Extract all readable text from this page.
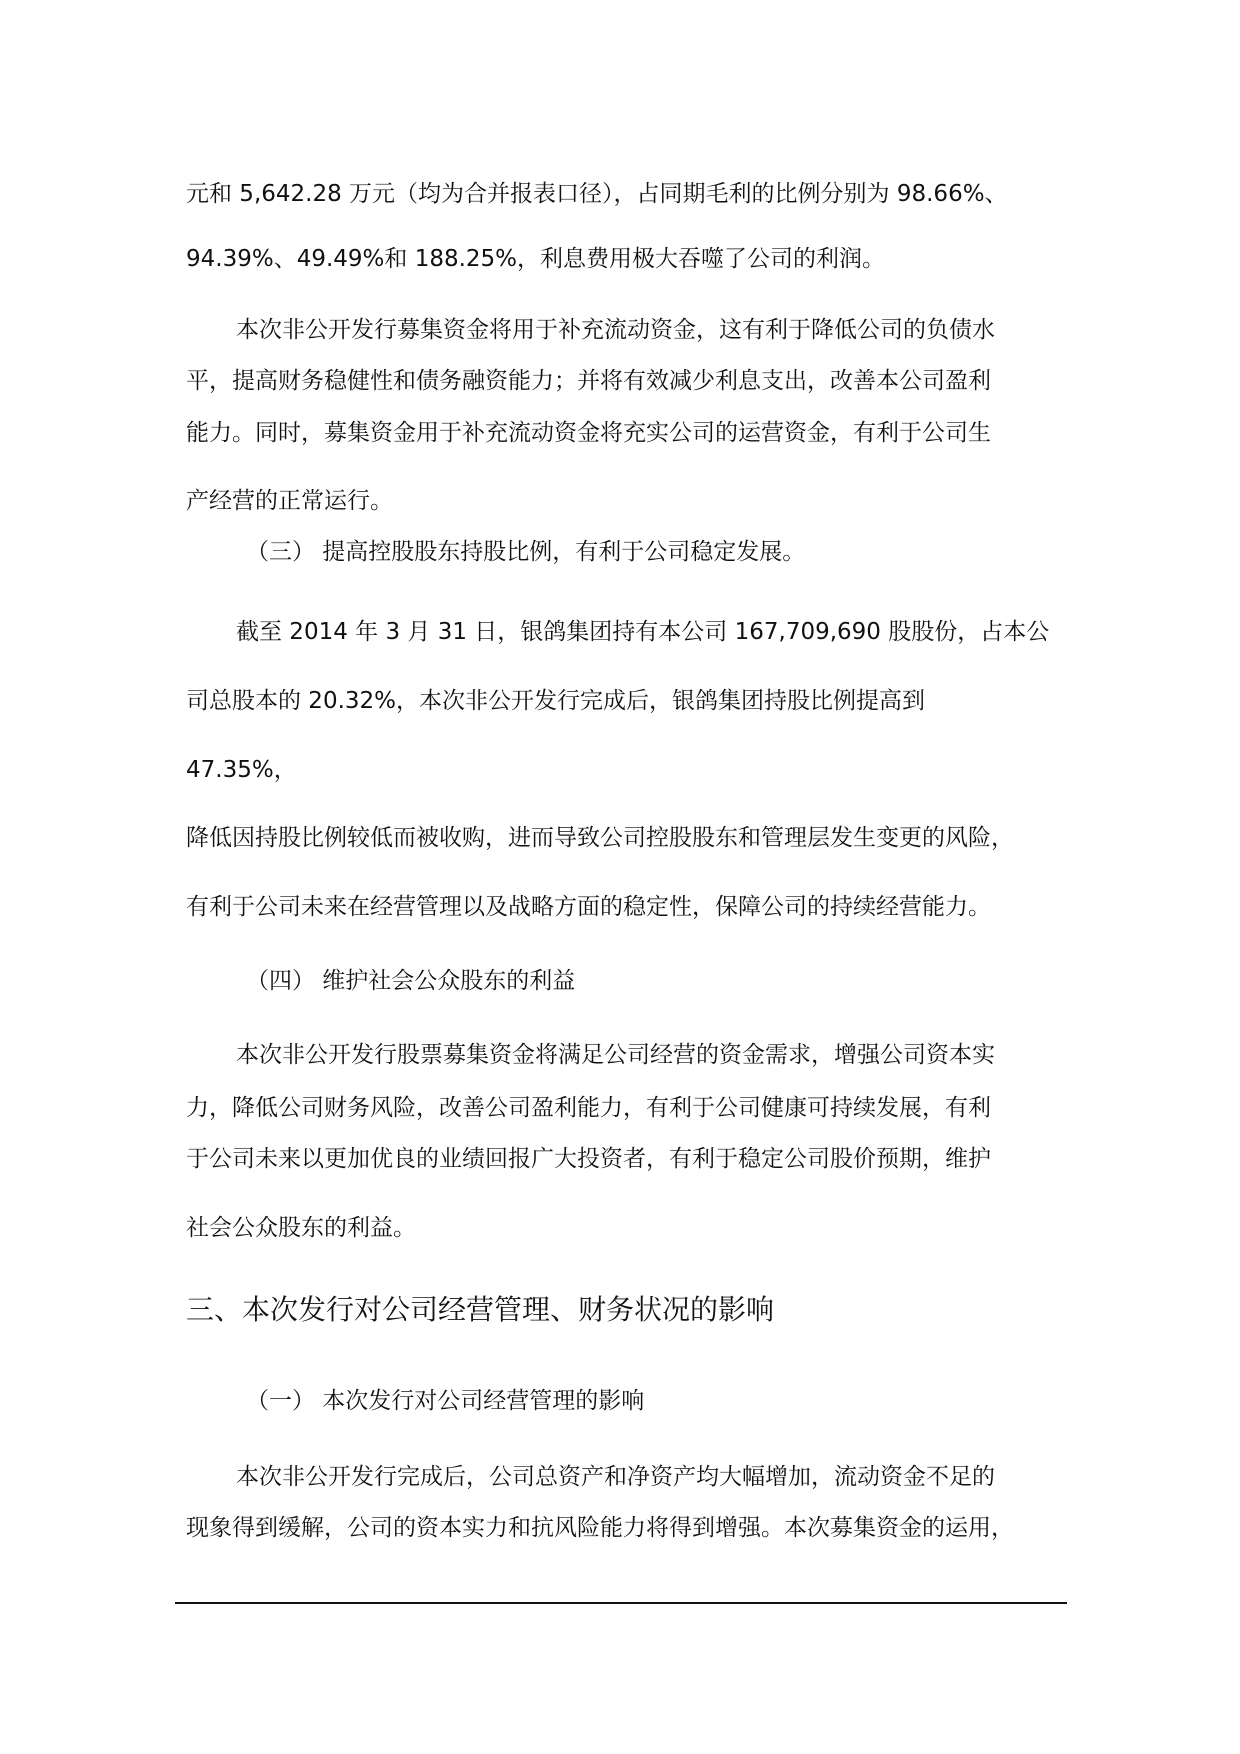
元和 5,642.28 万元（均为合并报表口径），占同期毛利的比例分别为 98.66%、
94.39%、49.49%和 188.25%，利息费用极大吞噬了公司的利润。
本次非公开发行募集资金将用于补充流动资金，这有利于降低公司的负债水
平，提高财务稳健性和债务融资能力；并将有效减少利息支出，改善本公司盈利
能力。同时，募集资金用于补充流动资金将充实公司的运营资金，有利于公司生
产经营的正常运行。
（三） 提高控股股东持股比例，有利于公司稳定发展。
截至 2014 年 3 月 31 日，银鸽集团持有本公司 167,709,690 股股份，占本公
司总股本的 20.32%，本次非公开发行完成后，银鸽集团持股比例提高到
47.35%，
降低因持股比例较低而被收购，进而导致公司控股股东和管理层发生变更的风险，
有利于公司未来在经营管理以及战略方面的稳定性，保障公司的持续经营能力。
（四） 维护社会公众股东的利益
本次非公开发行股票募集资金将满足公司经营的资金需求，增强公司资本实
力，降低公司财务风险，改善公司盈利能力，有利于公司健康可持续发展，有利
于公司未来以更加优良的业绩回报广大投资者，有利于稳定公司股价预期，维护
社会公众股东的利益。
三、本次发行对公司经营管理、财务状况的影响
（一） 本次发行对公司经营管理的影响
本次非公开发行完成后，公司总资产和净资产均大幅增加，流动资金不足的
现象得到缓解，公司的资本实力和抗风险能力将得到增强。本次募集资金的运用，
